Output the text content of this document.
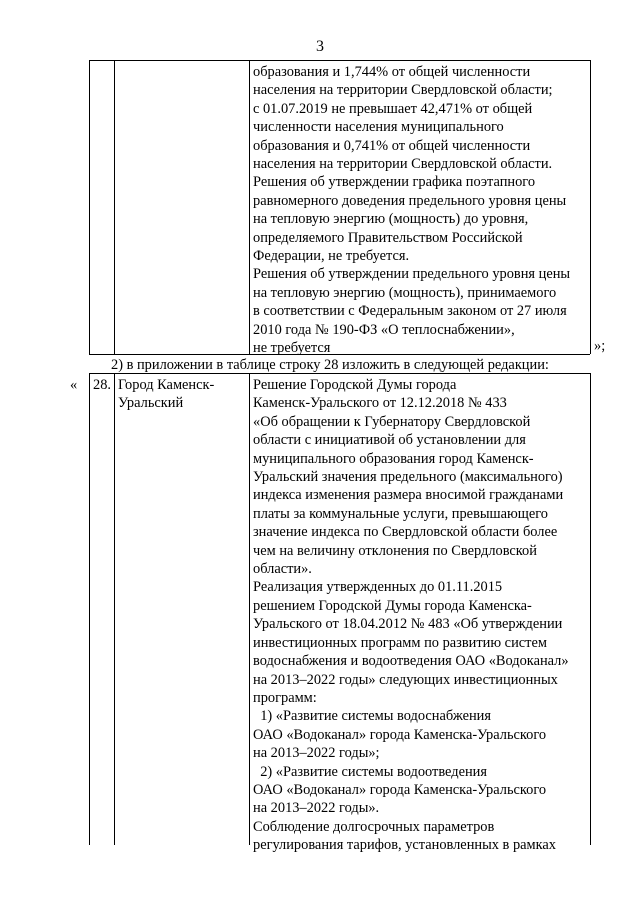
3
образования и 1,744% от общей численности
населения на территории Свердловской области;
с 01.07.2019 не превышает 42,471% от общей
численности населения муниципального
образования и 0,741% от общей численности
населения на территории Свердловской области.
Решения об утверждении графика поэтапного
равномерного доведения предельного уровня цены
на тепловую энергию (мощность) до уровня,
определяемого Правительством Российской
Федерации, не требуется.
Решения об утверждении предельного уровня цены
на тепловую энергию (мощность), принимаемого
в соответствии с Федеральным законом от 27 июля
2010 года № 190-ФЗ «О теплоснабжении»,
не требуется	»;
2) в приложении в таблице строку 28 изложить в следующей редакции:
« 28. Город Каменск-
Уральский
Решение Городской Думы города
Каменск-Уральского от 12.12.2018 № 433
«Об обращении к Губернатору Свердловской
области с инициативой об установлении для
муниципального образования город Каменск-
Уральский значения предельного (максимального)
индекса изменения размера вносимой гражданами
платы за коммунальные услуги, превышающего
значение индекса по Свердловской области более
чем на величину отклонения по Свердловской
области».
Реализация утвержденных до 01.11.2015
решением Городской Думы города Каменска-
Уральского от 18.04.2012 № 483 «Об утверждении
инвестиционных программ по развитию систем
водоснабжения и водоотведения ОАО «Водоканал»
на 2013–2022 годы» следующих инвестиционных
программ:
1) «Развитие системы водоснабжения
ОАО «Водоканал» города Каменска-Уральского
на 2013–2022 годы»;
2) «Развитие системы водоотведения
ОАО «Водоканал» города Каменска-Уральского
на 2013–2022 годы».
Соблюдение долгосрочных параметров
регулирования тарифов, установленных в рамках
